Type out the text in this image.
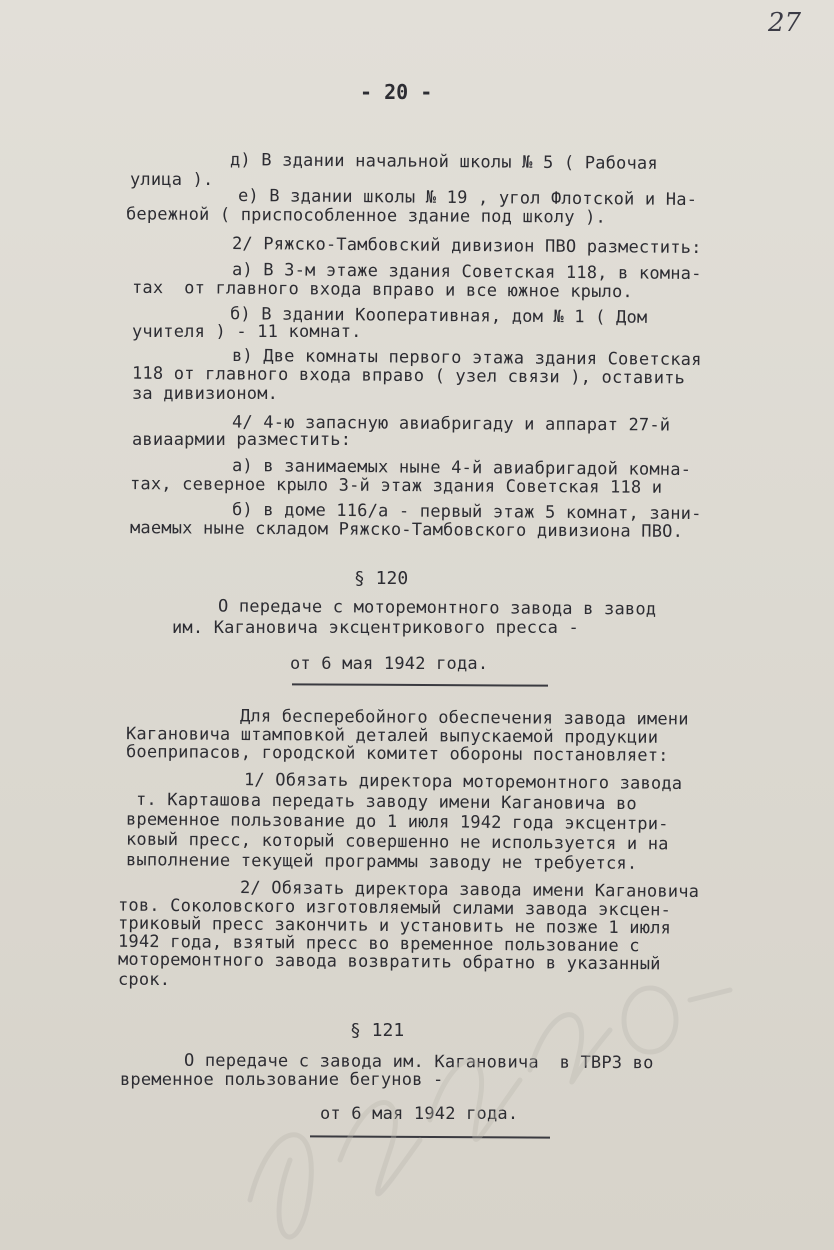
27
- 20 -
д) В здании начальной школы № 5 ( Рабочая
улица ).
е) В здании школы № 19 , угол Флотской и На-
бережной ( приспособленное здание под школу ).
2/ Ряжско-Тамбовский дивизион ПВО разместить:
а) В 3-м этаже здания Советская 118, в комна-
тах  от главного входа вправо и все южное крыло.
б) В здании Кооперативная, дом № 1 ( Дом
учителя ) - 11 комнат.
в) Две комнаты первого этажа здания Советская
118 от главного входа вправо ( узел связи ), оставить
за дивизионом.
4/ 4-ю запасную авиабригаду и аппарат 27-й
авиаармии разместить:
а) в занимаемых ныне 4-й авиабригадой комна-
тах, северное крыло 3-й этаж здания Советская 118 и
б) в доме 116/а - первый этаж 5 комнат, зани-
маемых ныне складом Ряжско-Тамбовского дивизиона ПВО.
§ 120
О передаче с моторемонтного завода в завод
им. Кагановича эксцентрикового пресса -
от 6 мая 1942 года.
Для бесперебойного обеспечения завода имени
Кагановича штамповкой деталей выпускаемой продукции
боеприпасов, городской комитет обороны постановляет:
1/ Обязать директора моторемонтного завода
т. Карташова передать заводу имени Кагановича во
временное пользование до 1 июля 1942 года эксцентри-
ковый пресс, который совершенно не используется и на
выполнение текущей программы заводу не требуется.
2/ Обязать директора завода имени Кагановича
тов. Соколовского изготовляемый силами завода эксцен-
триковый пресс закончить и установить не позже 1 июля
1942 года, взятый пресс во временное пользование с
моторемонтного завода возвратить обратно в указанный
срок.
§ 121
О передаче с завода им. Кагановича  в ТВРЗ во
временное пользование бегунов -
от 6 мая 1942 года.
